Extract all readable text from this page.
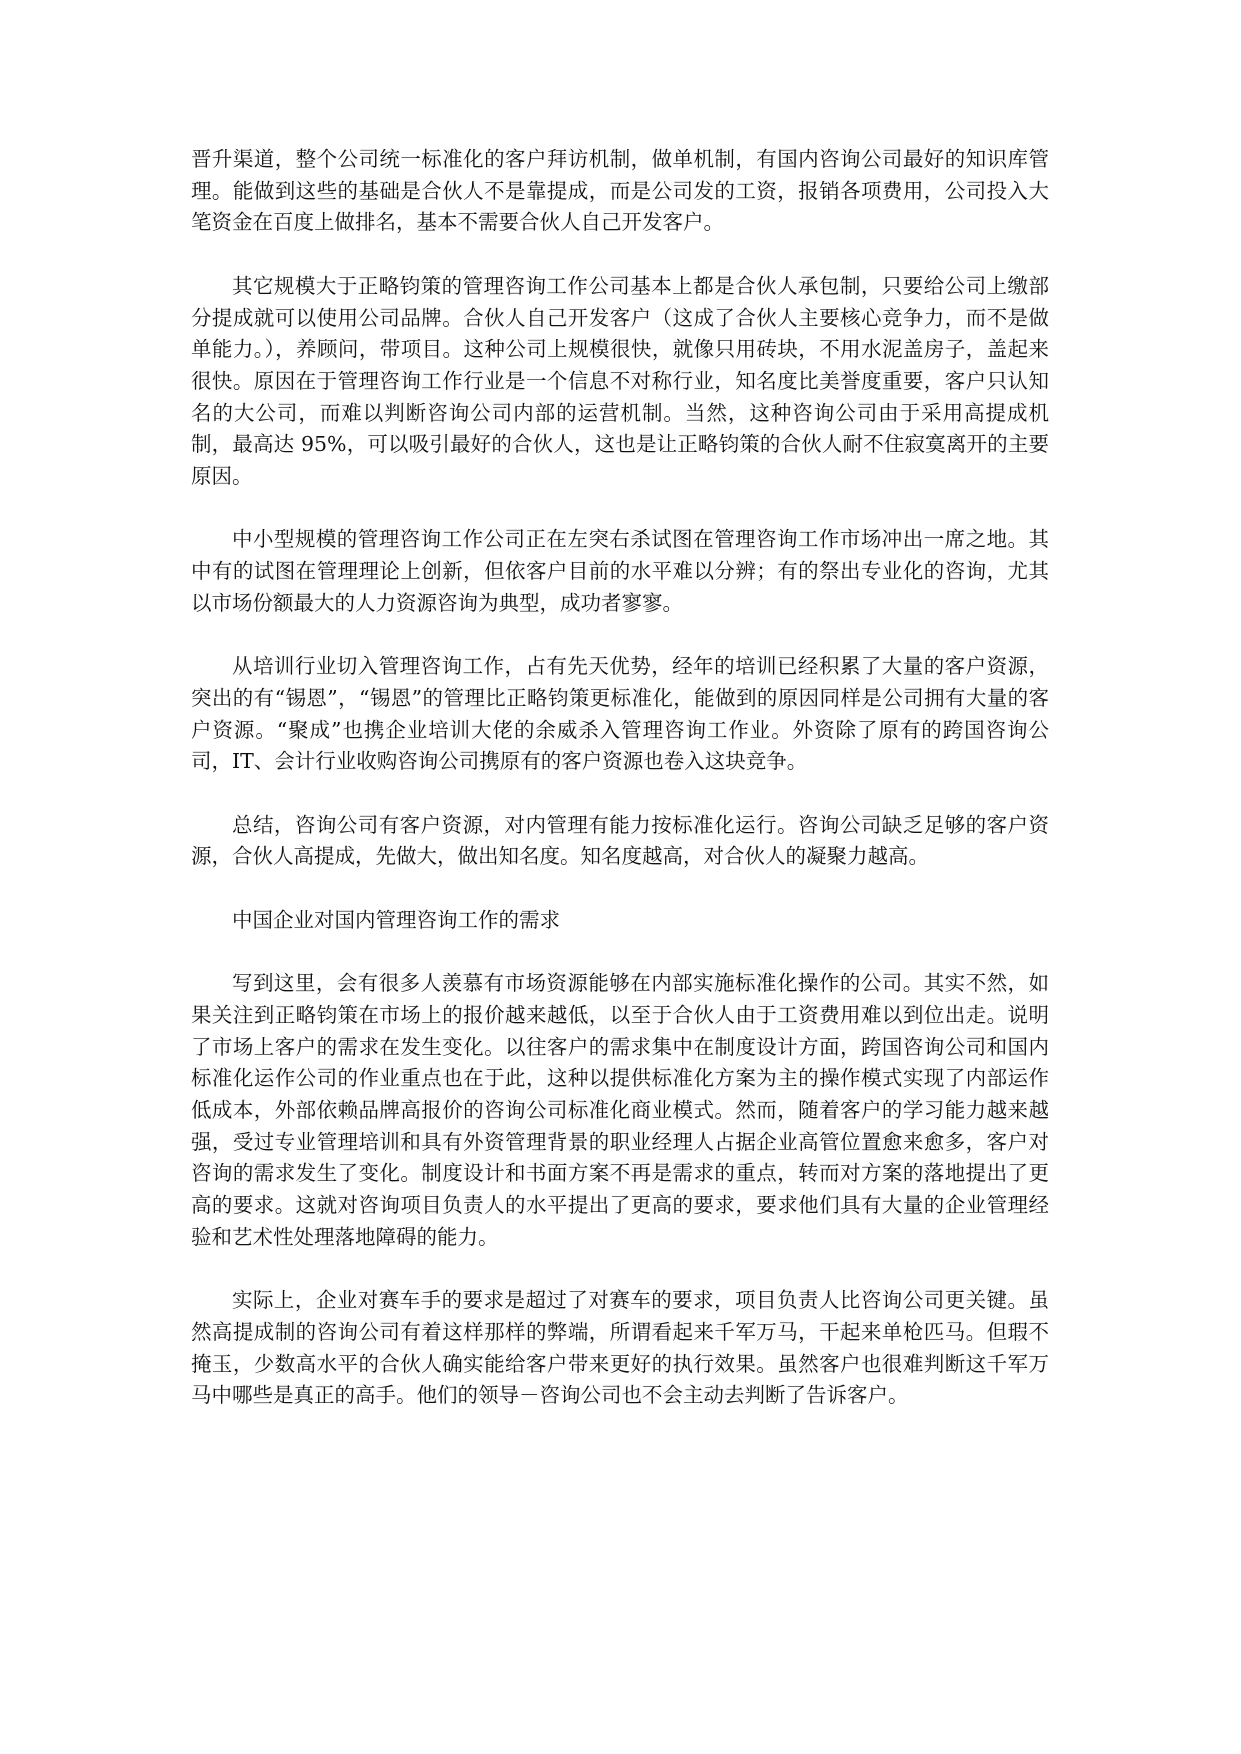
晋升渠道，整个公司统一标准化的客户拜访机制，做单机制，有国内咨询公司最好的知识库管理。能做到这些的基础是合伙人不是靠提成，而是公司发的工资，报销各项费用，公司投入大笔资金在百度上做排名，基本不需要合伙人自己开发客户。

其它规模大于正略钧策的管理咨询工作公司基本上都是合伙人承包制，只要给公司上缴部分提成就可以使用公司品牌。合伙人自己开发客户（这成了合伙人主要核心竞争力，而不是做单能力。），养顾问，带项目。这种公司上规模很快，就像只用砖块，不用水泥盖房子，盖起来很快。原因在于管理咨询工作行业是一个信息不对称行业，知名度比美誉度重要，客户只认知名的大公司，而难以判断咨询公司内部的运营机制。当然，这种咨询公司由于采用高提成机制，最高达 95%，可以吸引最好的合伙人，这也是让正略钧策的合伙人耐不住寂寞离开的主要原因。

中小型规模的管理咨询工作公司正在左突右杀试图在管理咨询工作市场冲出一席之地。其中有的试图在管理理论上创新，但依客户目前的水平难以分辨；有的祭出专业化的咨询，尤其以市场份额最大的人力资源咨询为典型，成功者寥寥。

从培训行业切入管理咨询工作，占有先天优势，经年的培训已经积累了大量的客户资源，突出的有“锡恩”，“锡恩”的管理比正略钧策更标准化，能做到的原因同样是公司拥有大量的客户资源。“聚成”也携企业培训大佬的余威杀入管理咨询工作业。外资除了原有的跨国咨询公司，IT、会计行业收购咨询公司携原有的客户资源也卷入这块竞争。

总结，咨询公司有客户资源，对内管理有能力按标准化运行。咨询公司缺乏足够的客户资源，合伙人高提成，先做大，做出知名度。知名度越高，对合伙人的凝聚力越高。

中国企业对国内管理咨询工作的需求

写到这里，会有很多人羡慕有市场资源能够在内部实施标准化操作的公司。其实不然，如果关注到正略钧策在市场上的报价越来越低，以至于合伙人由于工资费用难以到位出走。说明了市场上客户的需求在发生变化。以往客户的需求集中在制度设计方面，跨国咨询公司和国内标准化运作公司的作业重点也在于此，这种以提供标准化方案为主的操作模式实现了内部运作低成本，外部依赖品牌高报价的咨询公司标准化商业模式。然而，随着客户的学习能力越来越强，受过专业管理培训和具有外资管理背景的职业经理人占据企业高管位置愈来愈多，客户对咨询的需求发生了变化。制度设计和书面方案不再是需求的重点，转而对方案的落地提出了更高的要求。这就对咨询项目负责人的水平提出了更高的要求，要求他们具有大量的企业管理经验和艺术性处理落地障碍的能力。

实际上，企业对赛车手的要求是超过了对赛车的要求，项目负责人比咨询公司更关键。虽然高提成制的咨询公司有着这样那样的弊端，所谓看起来千军万马，干起来单枪匹马。但瑕不掩玉，少数高水平的合伙人确实能给客户带来更好的执行效果。虽然客户也很难判断这千军万马中哪些是真正的高手。他们的领导－咨询公司也不会主动去判断了告诉客户。
